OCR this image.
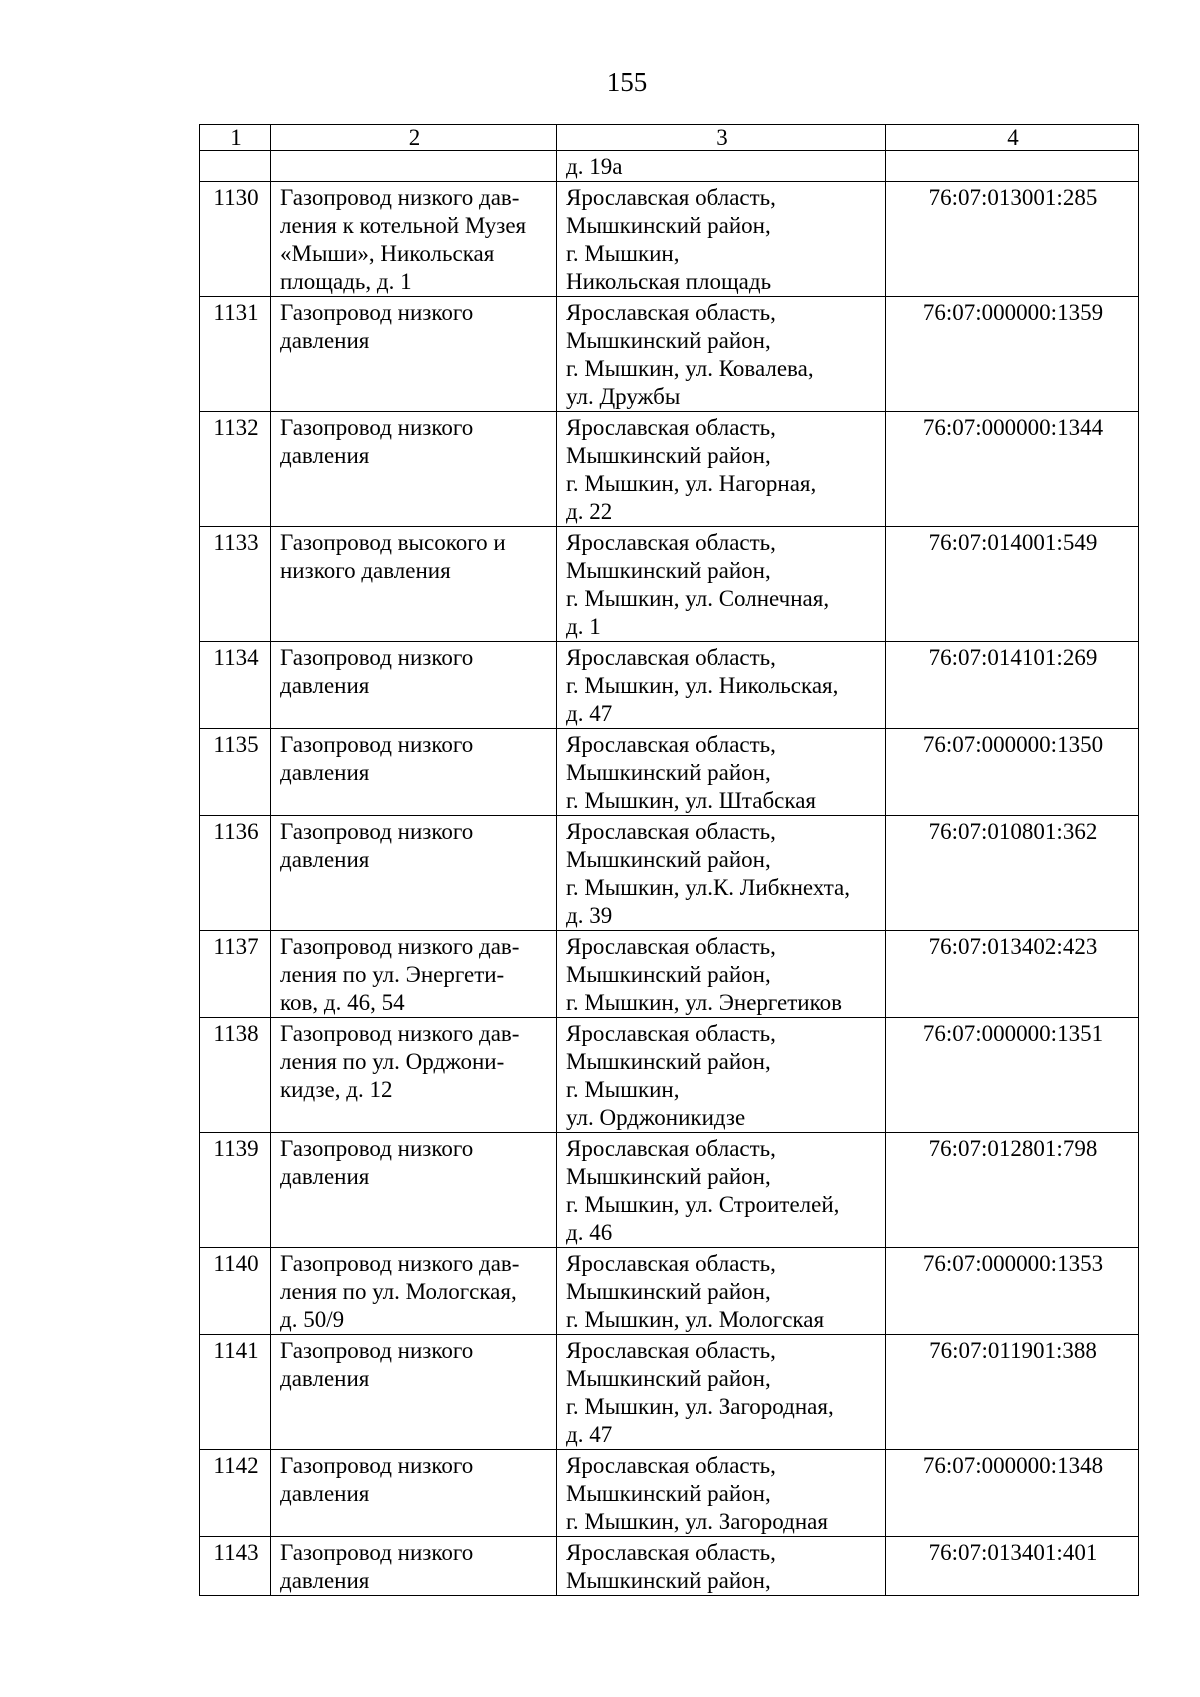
155
1	2	3	4

		д. 19а	

1130	Газопровод низкого дав-
ления к котельной Музея
«Мыши», Никольская
площадь, д. 1	Ярославская область,
Мышкинский район,
г. Мышкин,
Никольская площадь	76:07:013001:285
1131	Газопровод низкого
давления	Ярославская область,
Мышкинский район,
г. Мышкин, ул. Ковалева,
ул. Дружбы	76:07:000000:1359
1132	Газопровод низкого
давления	Ярославская область,
Мышкинский район,
г. Мышкин, ул. Нагорная,
д. 22	76:07:000000:1344
1133	Газопровод высокого и
низкого давления	Ярославская область,
Мышкинский район,
г. Мышкин, ул. Солнечная,
д. 1	76:07:014001:549
1134	Газопровод низкого
давления	Ярославская область,
г. Мышкин, ул. Никольская,
д. 47	76:07:014101:269
1135	Газопровод низкого
давления	Ярославская область,
Мышкинский район,
г. Мышкин, ул. Штабская	76:07:000000:1350
1136	Газопровод низкого
давления	Ярославская область,
Мышкинский район,
г. Мышкин, ул.К. Либкнехта,
д. 39	76:07:010801:362
1137	Газопровод низкого дав-
ления по ул. Энергети-
ков, д. 46, 54	Ярославская область,
Мышкинский район,
г. Мышкин, ул. Энергетиков	76:07:013402:423
1138	Газопровод низкого дав-
ления по ул. Орджони-
кидзе, д. 12	Ярославская область,
Мышкинский район,
г. Мышкин,
ул. Орджоникидзе	76:07:000000:1351
1139	Газопровод низкого
давления	Ярославская область,
Мышкинский район,
г. Мышкин, ул. Строителей,
д. 46	76:07:012801:798
1140	Газопровод низкого дав-
ления по ул. Мологская,
д. 50/9	Ярославская область,
Мышкинский район,
г. Мышкин, ул. Мологская	76:07:000000:1353
1141	Газопровод низкого
давления	Ярославская область,
Мышкинский район,
г. Мышкин, ул. Загородная,
д. 47	76:07:011901:388
1142	Газопровод низкого
давления	Ярославская область,
Мышкинский район,
г. Мышкин, ул. Загородная	76:07:000000:1348
1143	Газопровод низкого
давления	Ярославская область,
Мышкинский район,	76:07:013401:401
